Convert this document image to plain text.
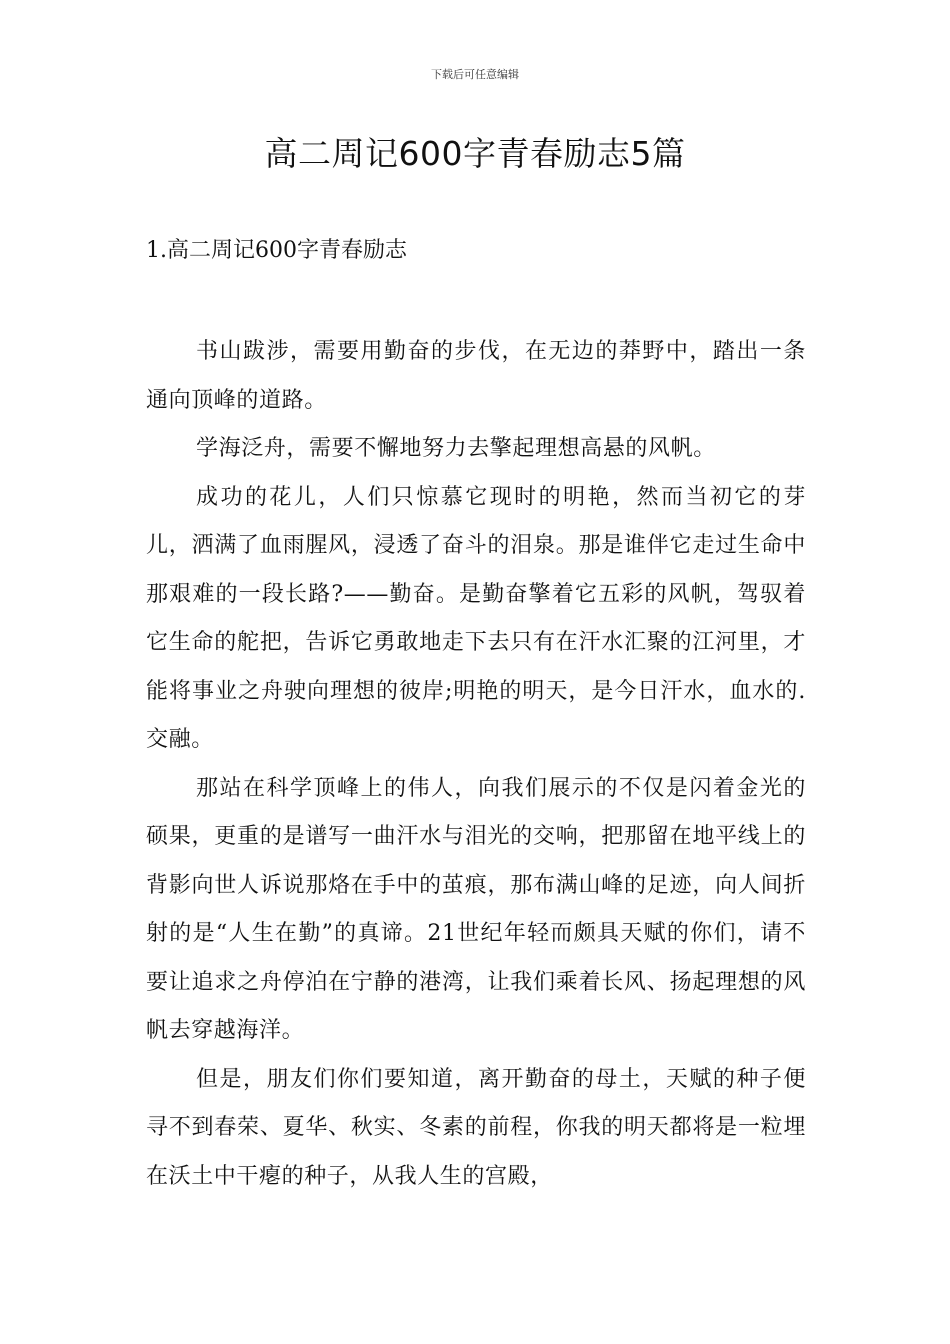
下载后可任意编辑
高二周记600字青春励志5篇
1.高二周记600字青春励志

书山跋涉，需要用勤奋的步伐，在无边的莽野中，踏出一条通向顶峰的道路。

学海泛舟，需要不懈地努力去擎起理想高悬的风帆。

成功的花儿，人们只惊慕它现时的明艳，然而当初它的芽儿，洒满了血雨腥风，浸透了奋斗的泪泉。那是谁伴它走过生命中那艰难的一段长路?——勤奋。是勤奋擎着它五彩的风帆，驾驭着它生命的舵把，告诉它勇敢地走下去只有在汗水汇聚的江河里，才能将事业之舟驶向理想的彼岸;明艳的明天，是今日汗水，血水的.交融。

那站在科学顶峰上的伟人，向我们展示的不仅是闪着金光的硕果，更重的是谱写一曲汗水与泪光的交响，把那留在地平线上的背影向世人诉说那烙在手中的茧痕，那布满山峰的足迹，向人间折射的是“人生在勤”的真谛。21世纪年轻而颇具天赋的你们，请不要让追求之舟停泊在宁静的港湾，让我们乘着长风、扬起理想的风帆去穿越海洋。

但是，朋友们你们要知道，离开勤奋的母土，天赋的种子便寻不到春荣、夏华、秋实、冬素的前程，你我的明天都将是一粒埋在沃土中干瘪的种子，从我人生的宫殿，
